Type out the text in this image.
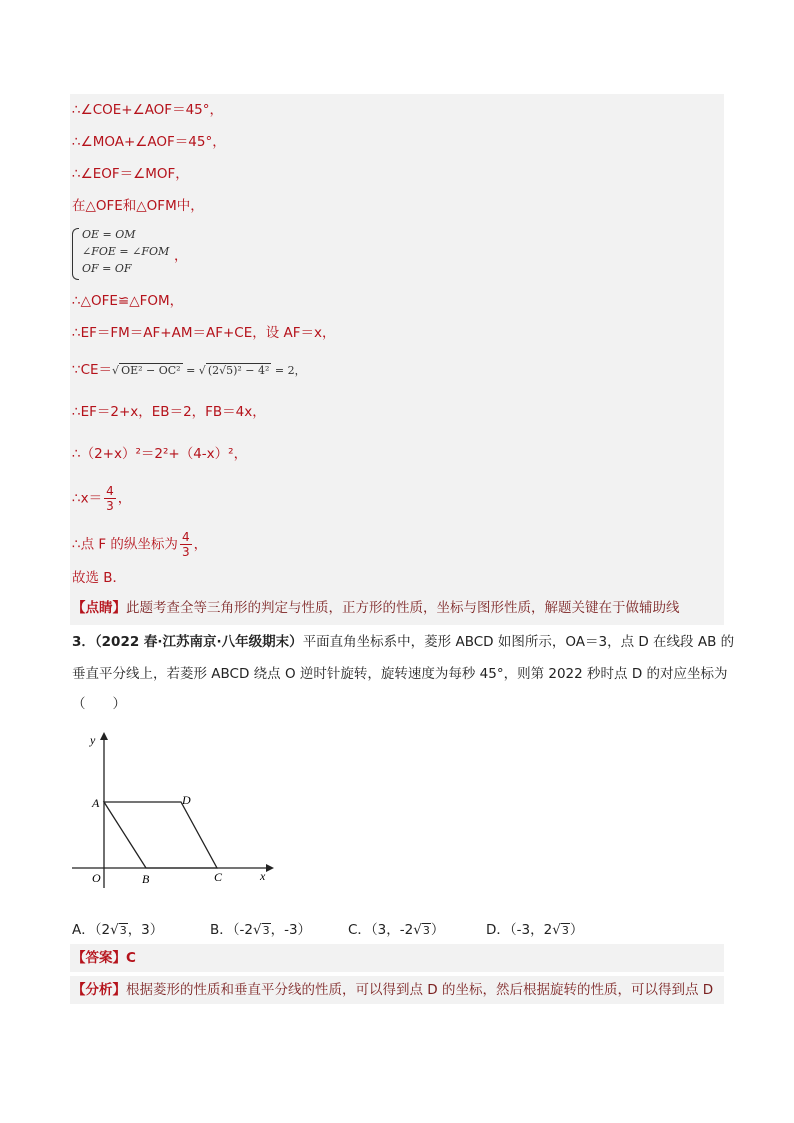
∴∠COE+∠AOF＝45°，
∴∠MOA+∠AOF＝45°，
∴∠EOF＝∠MOF，
在△OFE和△OFM中，
OE = OM
∠FOE = ∠FOM
OF = OF
，
∴△OFE≌△FOM，
∴EF＝FM＝AF+AM＝AF+CE，设 AF＝x，
∵CE＝√ OE² − OC² = √ (2√5)² − 4² = 2，
∴EF＝2+x，EB＝2，FB＝4x，
∴（2+x）²＝2²+（4-x）²，
∴x＝ $\frac{4}{3}$ ，
∴点 F 的纵坐标为 $\frac{4}{3}$ ，
故选 B．
【点睛】此题考查全等三角形的判定与性质，正方形的性质，坐标与图形性质，解题关键在于做辅助线
3．（2022 春·江苏南京·八年级期末）平面直角坐标系中，菱形 ABCD 如图所示，OA＝3，点 D 在线段 AB 的
垂直平分线上，若菱形 ABCD 绕点 O 逆时针旋转，旋转速度为每秒 45°，则第 2022 秒时点 D 的对应坐标为
（　　）
y
x
A	D
O	B	C
A．（2√3，3）	B．（-2√3，-3）	C．（3，-2√3）	D．（-3，2√3）
【答案】C
【分析】根据菱形的性质和垂直平分线的性质，可以得到点 D 的坐标，然后根据旋转的性质，可以得到点 D
